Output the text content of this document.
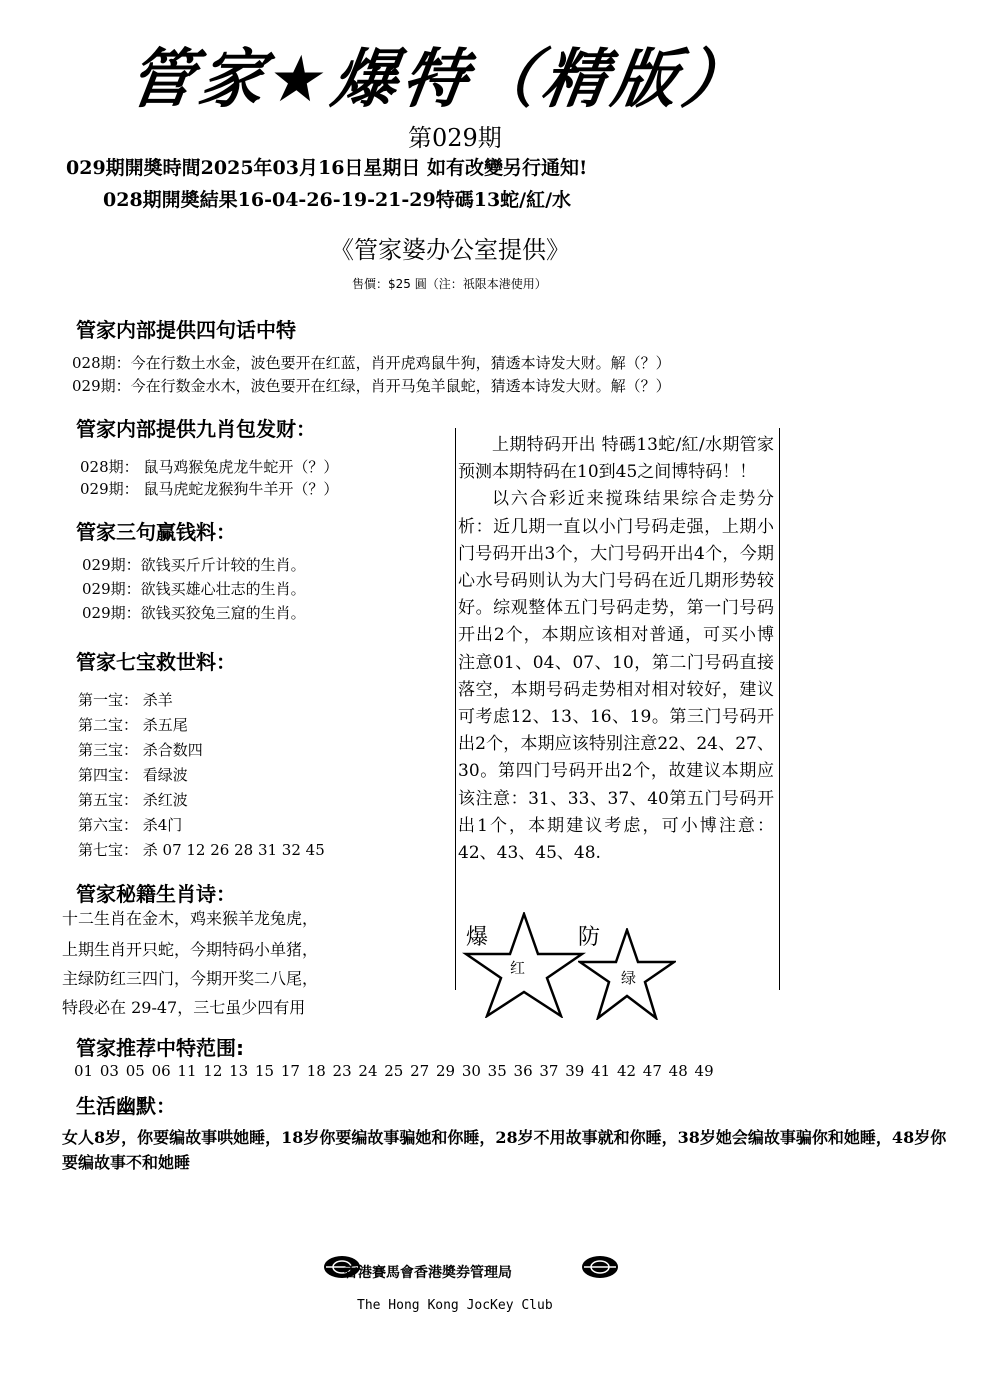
管家★爆特（精版）
第029期
029期開奬時間2025年03月16日星期日 如有改變另行通知!
028期開奬結果16-04-26-19-21-29特碼13蛇/紅/水
《管家婆办公室提供》
售價：$25 圓（注：祇限本港使用）
管家内部提供四句话中特
028期：今在行数土水金，波色要开在红蓝，肖开虎鸡鼠牛狗，猜透本诗发大财。解（？）
029期：今在行数金水木，波色要开在红绿，肖开马兔羊鼠蛇，猜透本诗发大财。解（？）
管家内部提供九肖包发财：
028期： 鼠马鸡猴兔虎龙牛蛇开（？）
029期： 鼠马虎蛇龙猴狗牛羊开（？）
管家三句赢钱料：
029期：欲钱买斤斤计较的生肖。
029期：欲钱买雄心壮志的生肖。
029期：欲钱买狡兔三窟的生肖。
管家七宝救世料：
第一宝： 杀羊
第二宝： 杀五尾
第三宝： 杀合数四
第四宝： 看绿波
第五宝： 杀红波
第六宝： 杀4门
第七宝： 杀 07 12 26 28 31 32 45
管家秘籍生肖诗：
十二生肖在金木，鸡来猴羊龙兔虎，
上期生肖开只蛇，今期特码小单猪，
主绿防红三四门，今期开奖二八尾，
特段必在 29-47，三七虽少四有用

上期特码开出 特碼13蛇/紅/水期管家预测本期特码在10到45之间博特码！！

以六合彩近来搅珠结果综合走势分析：近几期一直以小门号码走强，上期小门号码开出3个，大门号码开出4个，今期心水号码则认为大门号码在近几期形势较好。综观整体五门号码走势，第一门号码开出2个，本期应该相对普通，可买小博注意01、04、07、10，第二门号码直接落空，本期号码走势相对相对较好，建议可考虑12、13、16、19。第三门号码开出2个，本期应该特别注意22、24、27、30。第四门号码开出2个，故建议本期应该注意：31、33、37、40第五门号码开出1个，本期建议考虑，可小博注意：42、43、45、48.

爆
红
防
绿
管家推荐中特范围:
01 03 05 06 11 12 13 15 17 18 23 24 25 27 29 30 35 36 37 39 41 42 47 48 49
生活幽默：
女人8岁，你要编故事哄她睡，18岁你要编故事骗她和你睡，28岁不用故事就和你睡，38岁她会编故事骗你和她睡，48岁你要编故事不和她睡
香港賽馬會香港奬券管理局
The Hong Kong JocKey Club
